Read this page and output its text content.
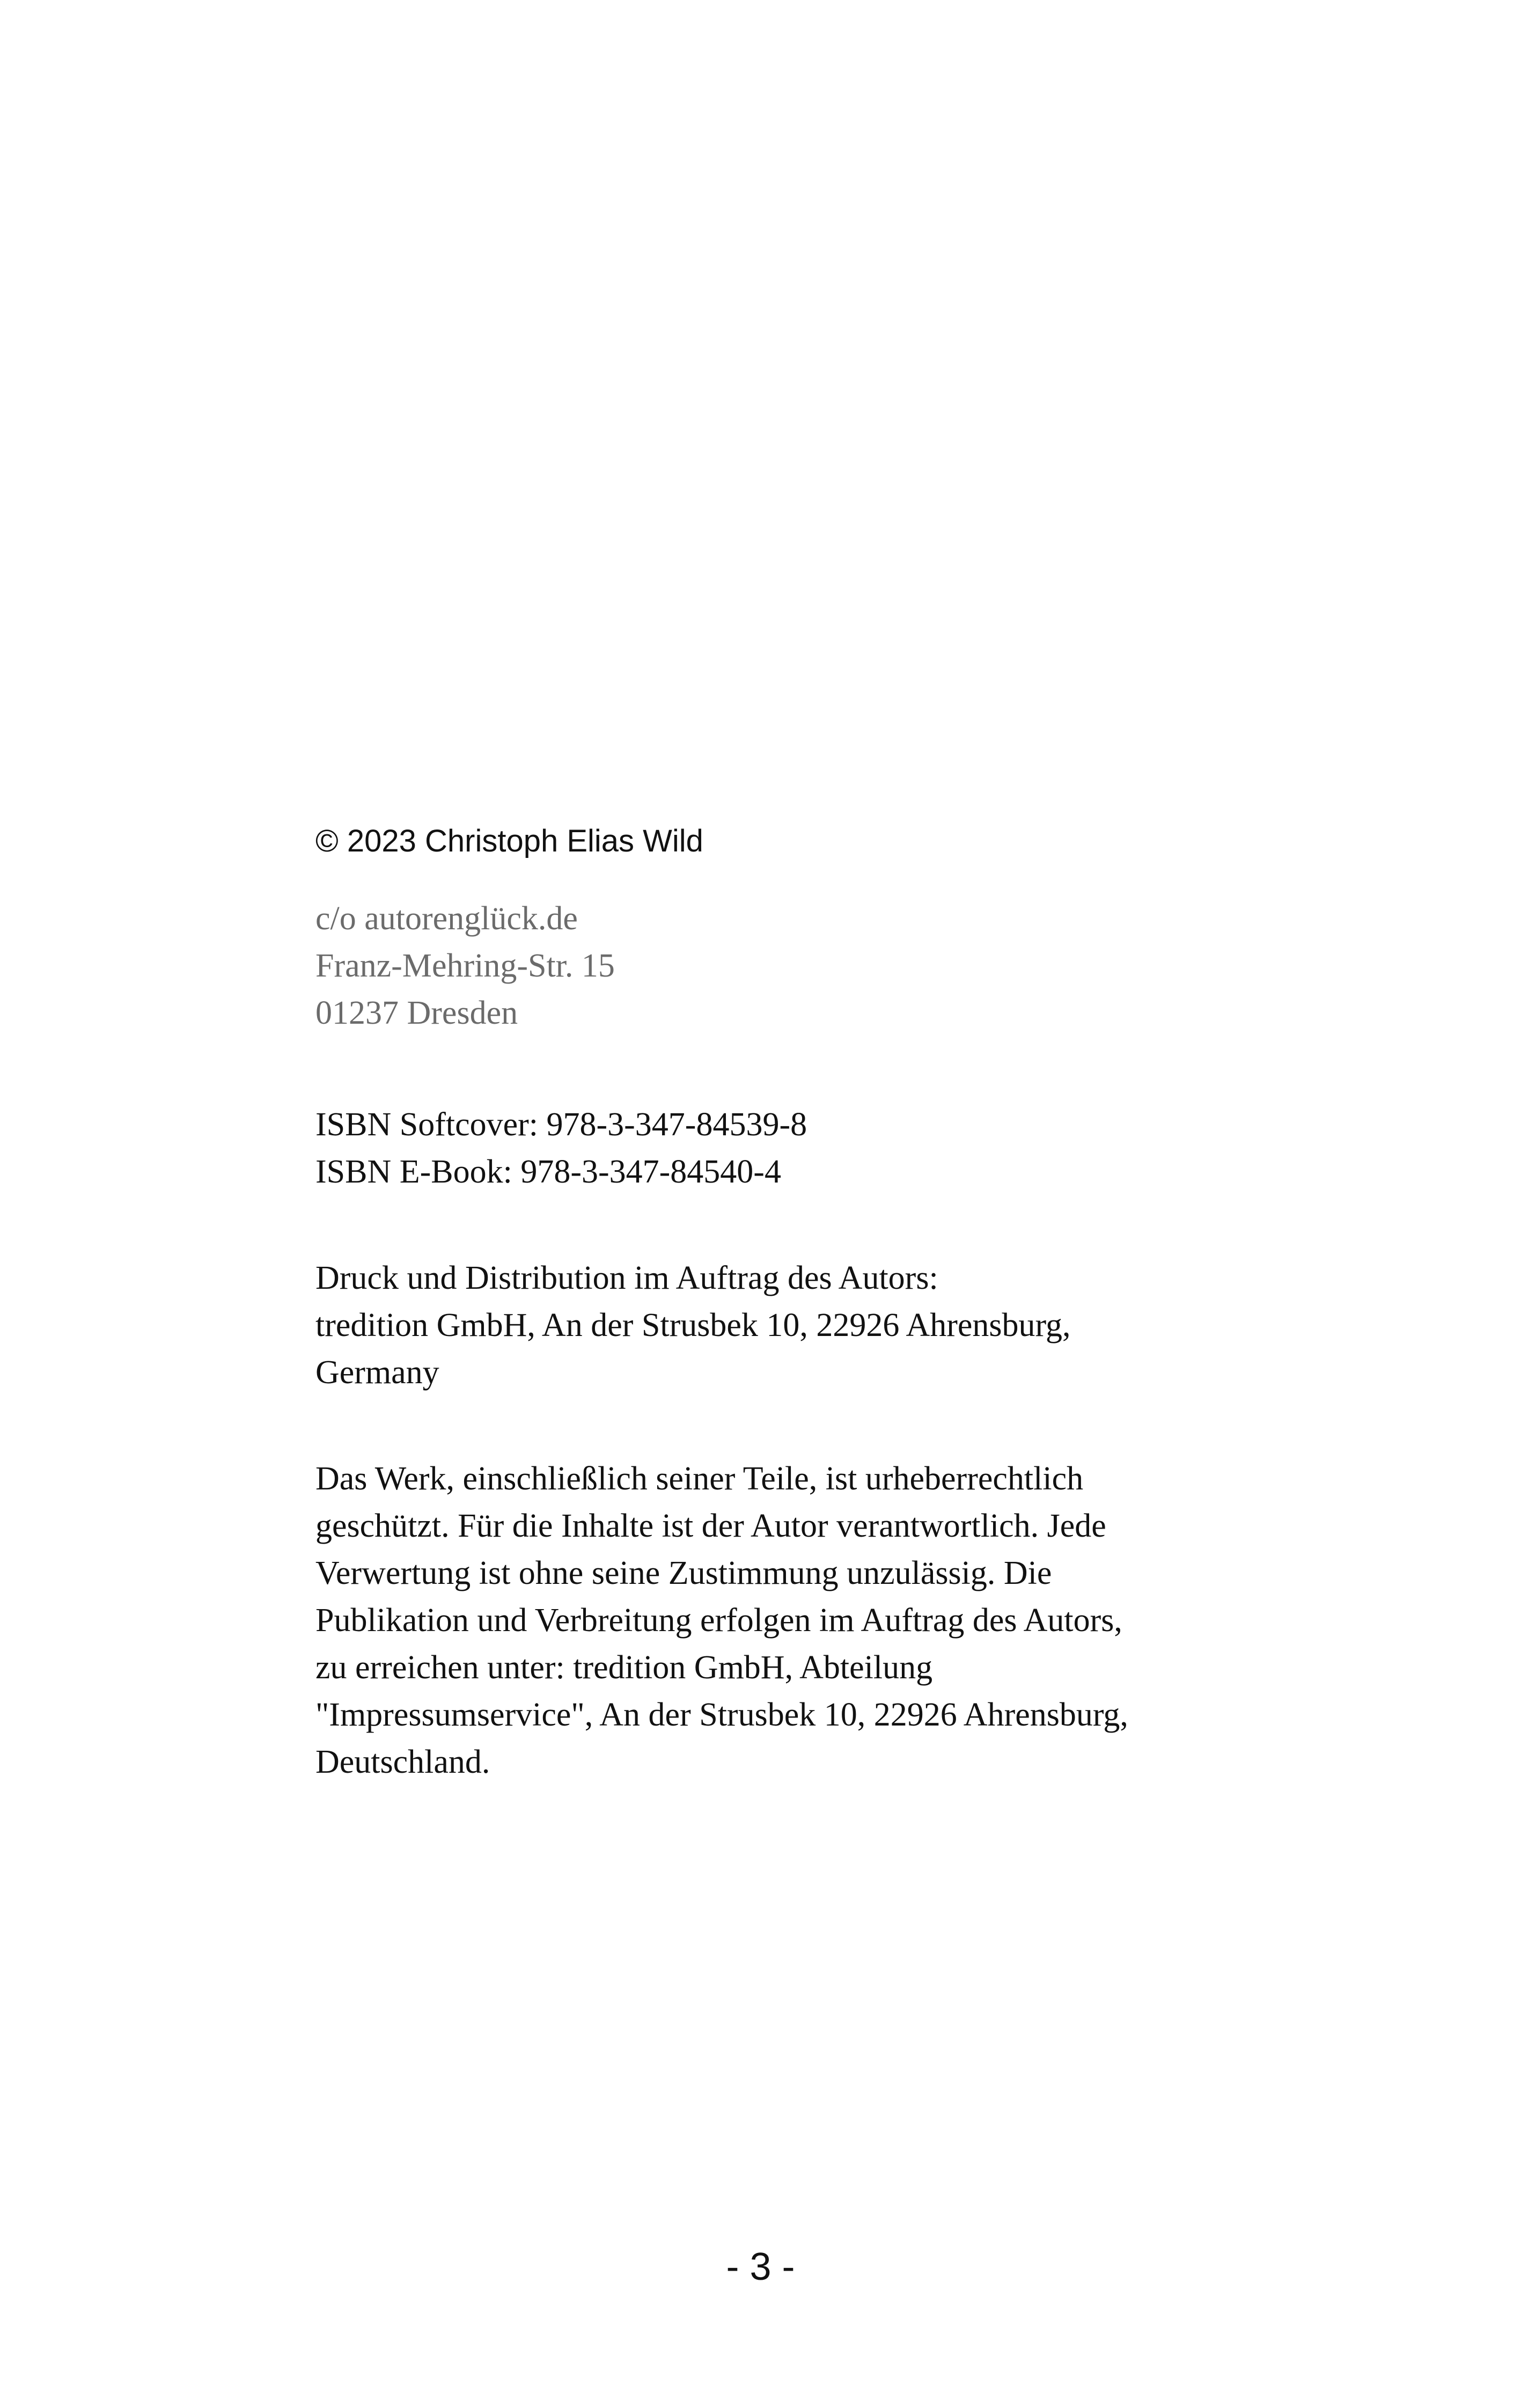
© 2023 Christoph Elias Wild
c/o autorenglück.de
Franz-Mehring-Str. 15
01237 Dresden
ISBN Softcover: 978-3-347-84539-8
ISBN E-Book: 978-3-347-84540-4
Druck und Distribution im Auftrag des Autors:
tredition GmbH, An der Strusbek 10, 22926 Ahrensburg,
Germany
Das Werk, einschließlich seiner Teile, ist urheberrechtlich
geschützt. Für die Inhalte ist der Autor verantwortlich. Jede
Verwertung ist ohne seine Zustimmung unzulässig. Die
Publikation und Verbreitung erfolgen im Auftrag des Autors,
zu erreichen unter: tredition GmbH, Abteilung
"Impressumservice", An der Strusbek 10, 22926 Ahrensburg,
Deutschland.
- 3 -
